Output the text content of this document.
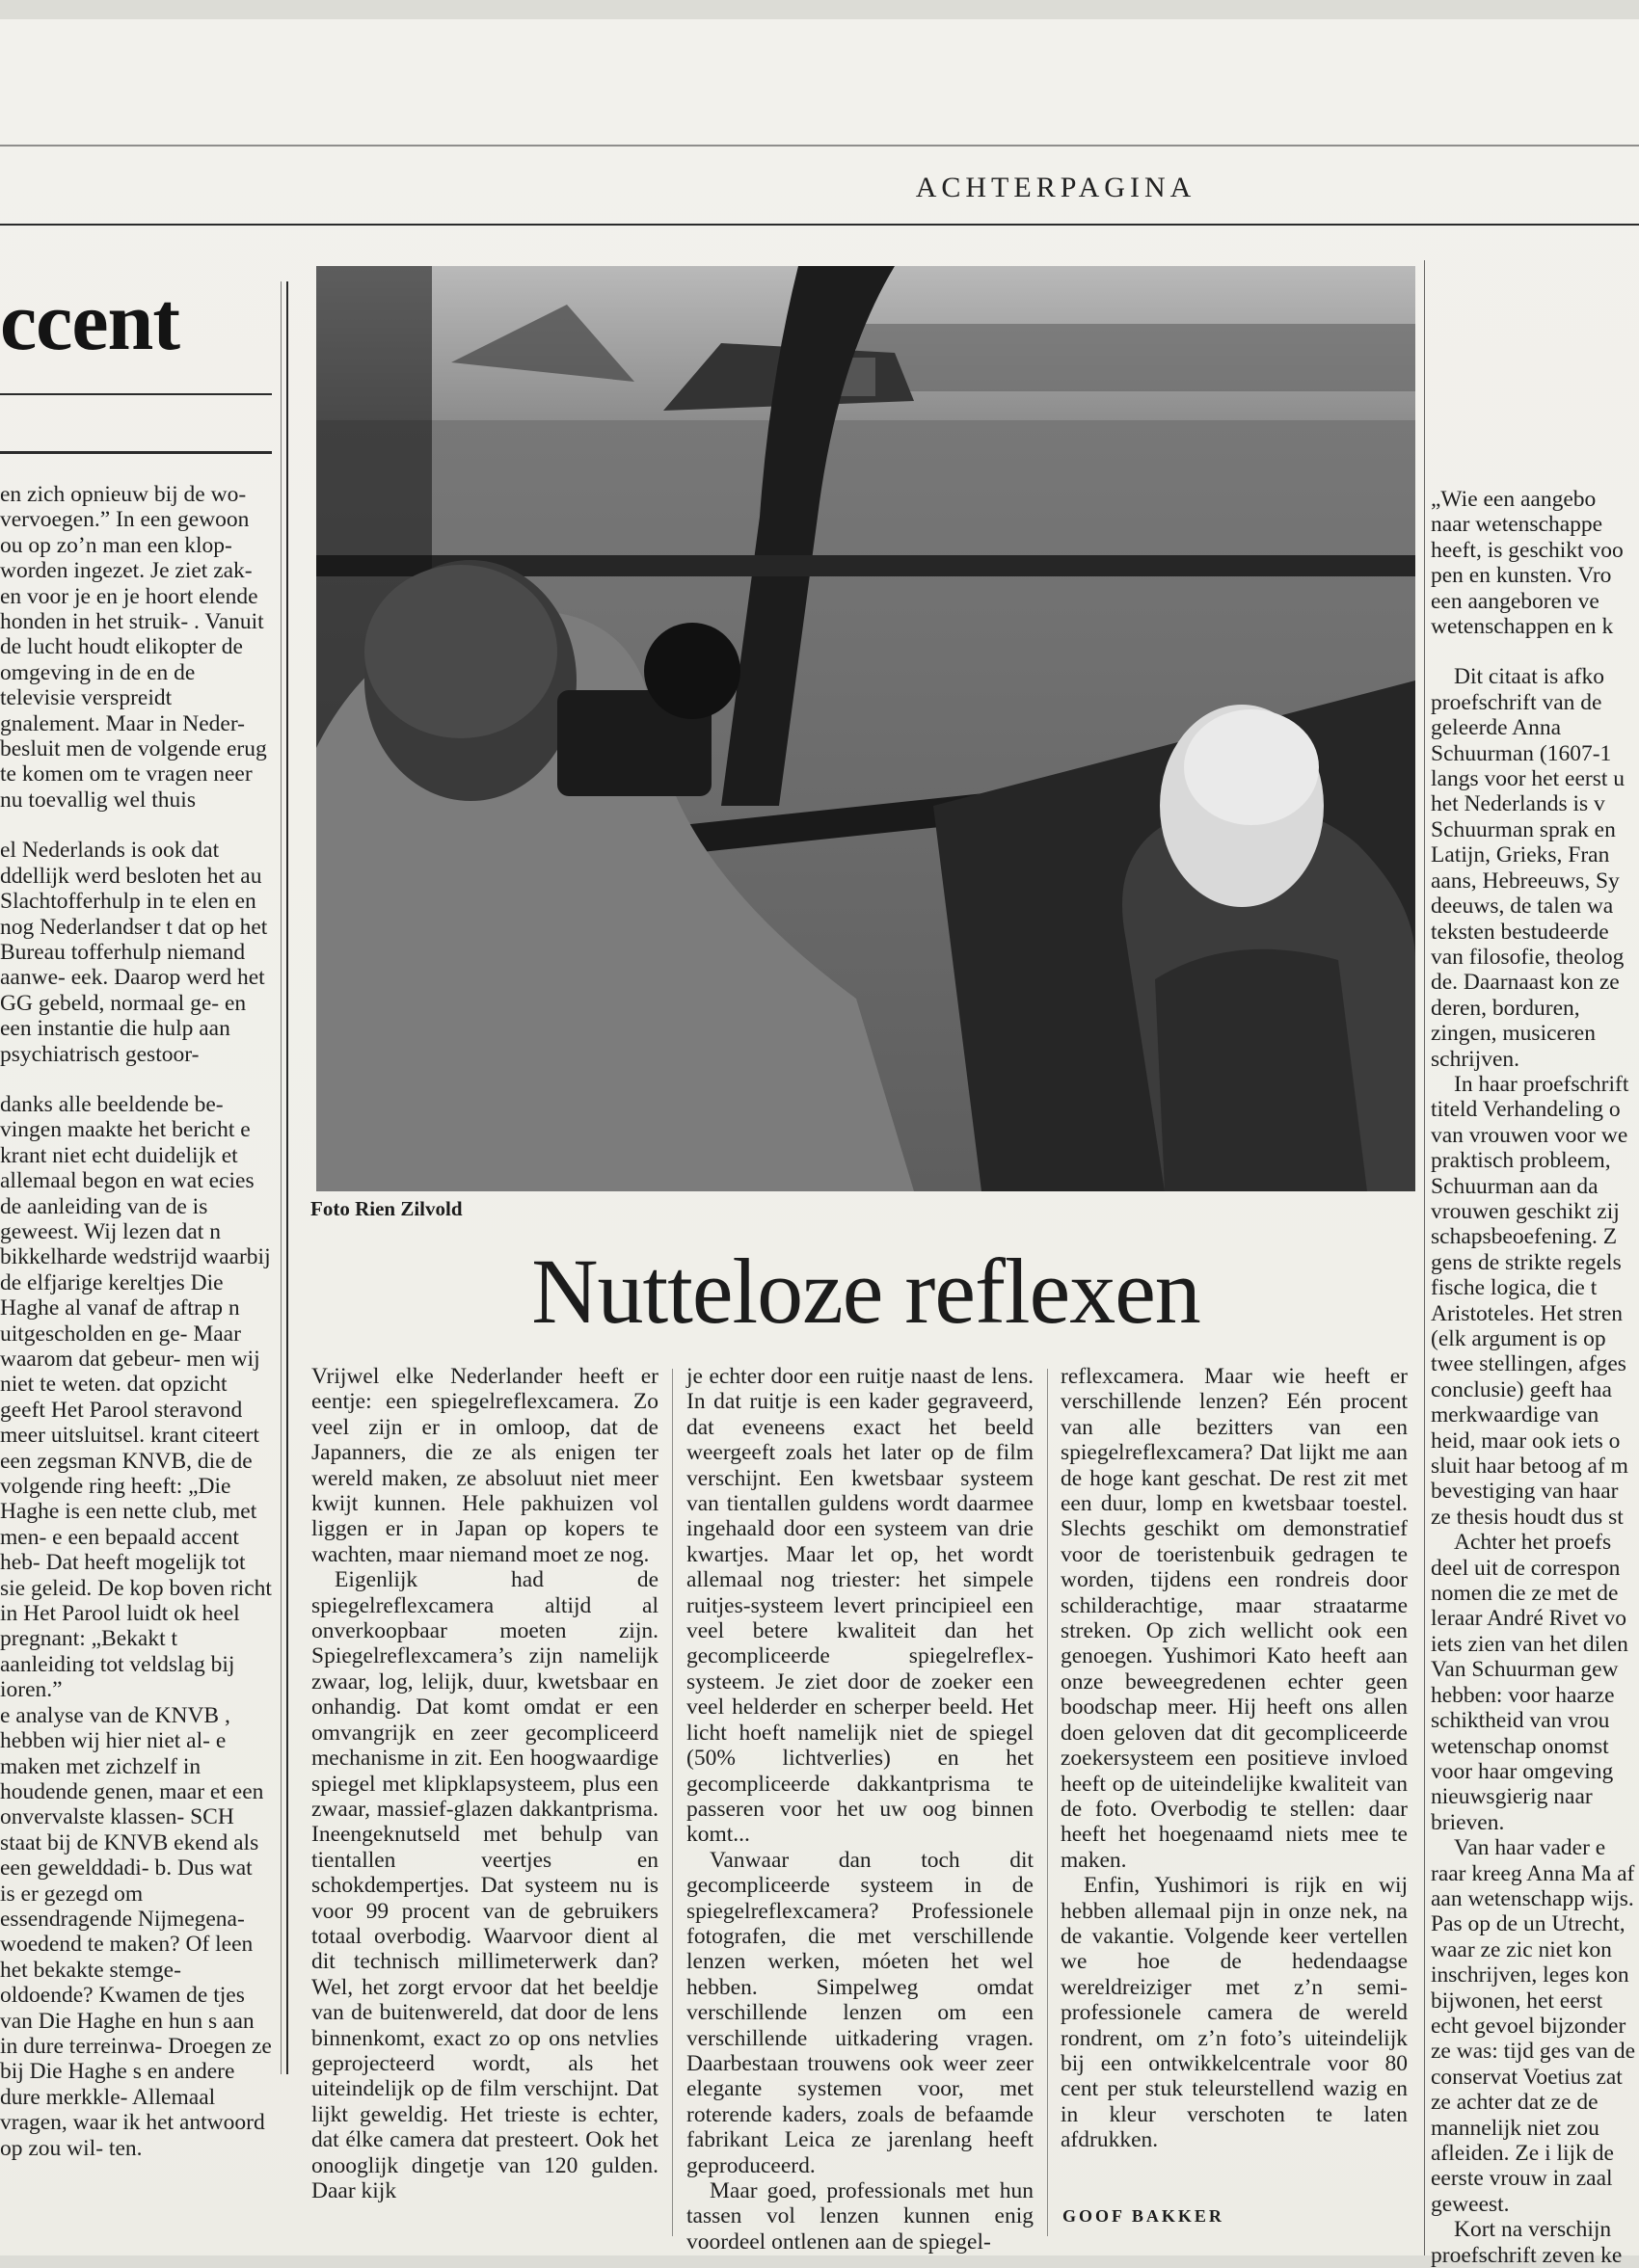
ACHTERPAGINA
ccent

en zich opnieuw bij de wo- vervoegen.” In een gewoon ou op zo’n man een klop- worden ingezet. Je ziet zak- en voor je en je hoort elende honden in het struik- . Vanuit de lucht houdt elikopter de omgeving in de en de televisie verspreidt gnalement. Maar in Neder- besluit men de volgende erug te komen om te vragen neer nu toevallig wel thuis

el Nederlands is ook dat ddellijk werd besloten het au Slachtofferhulp in te elen en nog Nederlandser t dat op het Bureau tofferhulp niemand aanwe- eek. Daarop werd het GG gebeld, normaal ge- en een instantie die hulp aan psychiatrisch gestoor-

danks alle beeldende be- vingen maakte het bericht e krant niet echt duidelijk et allemaal begon en wat ecies de aanleiding van de is geweest. Wij lezen dat n bikkelharde wedstrijd waarbij de elfjarige kereltjes Die Haghe al vanaf de aftrap n uitgescholden en ge- Maar waarom dat gebeur- men wij niet te weten. dat opzicht geeft Het Parool steravond meer uitsluitsel. krant citeert een zegsman KNVB, die de volgende ring heeft: „Die Haghe is een nette club, met men- e een bepaald accent heb- Dat heeft mogelijk tot sie geleid. De kop boven richt in Het Parool luidt ok heel pregnant: „Bekakt t aanleiding tot veldslag bij ioren.”

e analyse van de KNVB , hebben wij hier niet al- e maken met zichzelf in houdende genen, maar et een onvervalste klassen- SCH staat bij de KNVB ekend als een gewelddadi- b. Dus wat is er gezegd om essendragende Nijmegena- woedend te maken? Of leen het bekakte stemge- oldoende? Kwamen de tjes van Die Haghe en hun s aan in dure terreinwa- Droegen ze bij Die Haghe s en andere dure merkkle- Allemaal vragen, waar ik het antwoord op zou wil- ten.

Foto Rien Zilvold
Nutteloze reflexen

Vrijwel elke Nederlander heeft er eentje: een spiegelreflexcamera. Zo veel zijn er in omloop, dat de Japanners, die ze als enigen ter wereld maken, ze absoluut niet meer kwijt kunnen. Hele pakhuizen vol liggen er in Japan op kopers te wachten, maar niemand moet ze nog.

Eigenlijk had de spiegelreflexcamera altijd al onverkoopbaar moeten zijn. Spiegelreflexcamera’s zijn namelijk zwaar, log, lelijk, duur, kwetsbaar en onhandig. Dat komt omdat er een omvangrijk en zeer gecompliceerd mechanisme in zit. Een hoogwaardige spiegel met klipklapsysteem, plus een zwaar, massief-glazen dakkantprisma. Ineengeknutseld met behulp van tientallen veertjes en schokdempertjes. Dat systeem nu is voor 99 procent van de gebruikers totaal overbodig. Waarvoor dient al dit technisch millimeterwerk dan? Wel, het zorgt ervoor dat het beeldje van de buitenwereld, dat door de lens binnenkomt, exact zo op ons netvlies geprojecteerd wordt, als het uiteindelijk op de film verschijnt. Dat lijkt geweldig. Het trieste is echter, dat élke camera dat presteert. Ook het onooglijk dingetje van 120 gulden. Daar kijk

je echter door een ruitje naast de lens. In dat ruitje is een kader gegraveerd, dat eveneens exact het beeld weergeeft zoals het later op de film verschijnt. Een kwetsbaar systeem van tientallen guldens wordt daarmee ingehaald door een systeem van drie kwartjes. Maar let op, het wordt allemaal nog triester: het simpele ruitjes-systeem levert principieel een veel betere kwaliteit dan het gecompliceerde spiegelreflex-systeem. Je ziet door de zoeker een veel helderder en scherper beeld. Het licht hoeft namelijk niet de spiegel (50% lichtverlies) en het gecompliceerde dakkantprisma te passeren voor het uw oog binnen komt...

Vanwaar dan toch dit gecompliceerde systeem in de spiegelreflexcamera? Professionele fotografen, die met verschillende lenzen werken, móeten het wel hebben. Simpelweg omdat verschillende lenzen om een verschillende uitkadering vragen. Daarbestaan trouwens ook weer zeer elegante systemen voor, met roterende kaders, zoals de befaamde fabrikant Leica ze jarenlang heeft geproduceerd.

Maar goed, professionals met hun tassen vol lenzen kunnen enig voordeel ontlenen aan de spiegel-

reflexcamera. Maar wie heeft er verschillende lenzen? Eén procent van alle bezitters van een spiegelreflexcamera? Dat lijkt me aan de hoge kant geschat. De rest zit met een duur, lomp en kwetsbaar toestel. Slechts geschikt om demonstratief voor de toeristenbuik gedragen te worden, tijdens een rondreis door schilderachtige, maar straatarme streken. Op zich wellicht ook een genoegen. Yushimori Kato heeft aan onze beweegredenen echter geen boodschap meer. Hij heeft ons allen doen geloven dat dit gecompliceerde zoekersysteem een positieve invloed heeft op de uiteindelijke kwaliteit van de foto. Overbodig te stellen: daar heeft het hoegenaamd niets mee te maken.

Enfin, Yushimori is rijk en wij hebben allemaal pijn in onze nek, na de vakantie. Volgende keer vertellen we hoe de hedendaagse wereldreiziger met z’n semi-professionele camera de wereld rondrent, om z’n foto’s uiteindelijk bij een ontwikkelcentrale voor 80 cent per stuk teleurstellend wazig en in kleur verschoten te laten afdrukken.

GOOF BAKKER

„Wie een aangebo naar wetenschappe heeft, is geschikt voo pen en kunsten. Vro een aangeboren ve wetenschappen en k

Dit citaat is afko proefschrift van de geleerde Anna Schuurman (1607-1 langs voor het eerst u het Nederlands is v Schuurman sprak en Latijn, Grieks, Fran aans, Hebreeuws, Sy deeuws, de talen wa teksten bestudeerde van filosofie, theolog de. Daarnaast kon ze deren, borduren, zingen, musiceren schrijven.

In haar proefschrift titeld Verhandeling o van vrouwen voor we praktisch probleem, Schuurman aan da vrouwen geschikt zij schapsbeoefening. Z gens de strikte regels fische logica, die t Aristoteles. Het stren (elk argument is op twee stellingen, afges conclusie) geeft haa merkwaardige van heid, maar ook iets o sluit haar betoog af m bevestiging van haar ze thesis houdt dus st

Achter het proefs deel uit de correspon nomen die ze met de leraar André Rivet vo iets zien van het dilen Van Schuurman gew hebben: voor haarze schiktheid van vrou wetenschap onomst voor haar omgeving nieuwsgierig naar brieven.

Van haar vader e raar kreeg Anna Ma af aan wetenschapp wijs. Pas op de un Utrecht, waar ze zic niet kon inschrijven, leges kon bijwonen, het eerst echt gevoel bijzonder ze was: tijd ges van de conservat Voetius zat ze achter dat ze de mannelijk niet zou afleiden. Ze i lijk de eerste vrouw in zaal geweest.

Kort na verschijn proefschrift zeven ke
